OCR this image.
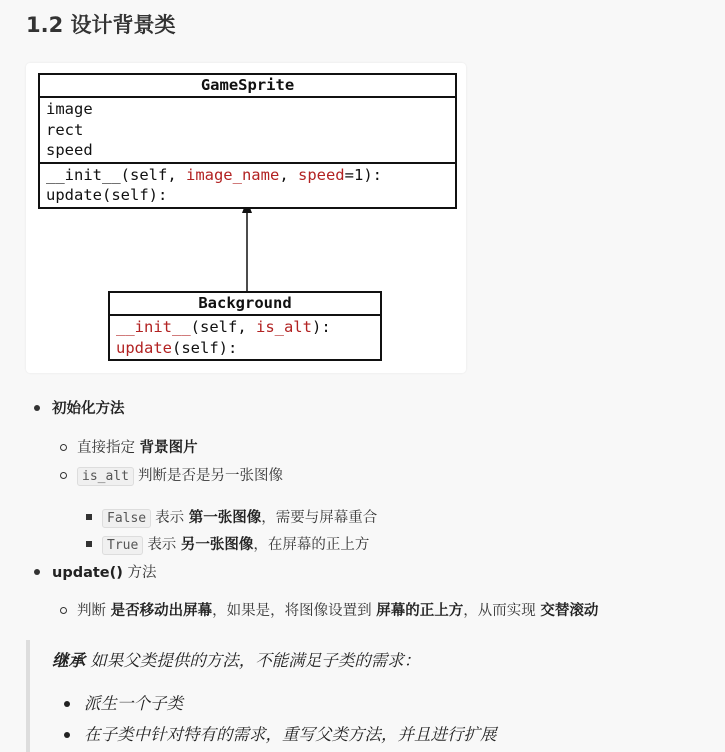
1.2 设计背景类
GameSprite
image
rect
speed
__init__(self, image_name, speed=1):
update(self):
Background
__init__(self, is_alt):
update(self):
初始化方法
直接指定 背景图片
is_alt 判断是否是另一张图像
False 表示 第一张图像，需要与屏幕重合
True 表示 另一张图像，在屏幕的正上方
update() 方法
判断 是否移动出屏幕，如果是，将图像设置到 屏幕的正上方，从而实现 交替滚动
继承 如果父类提供的方法，不能满足子类的需求：
派生一个子类
在子类中针对特有的需求，重写父类方法，并且进行扩展
